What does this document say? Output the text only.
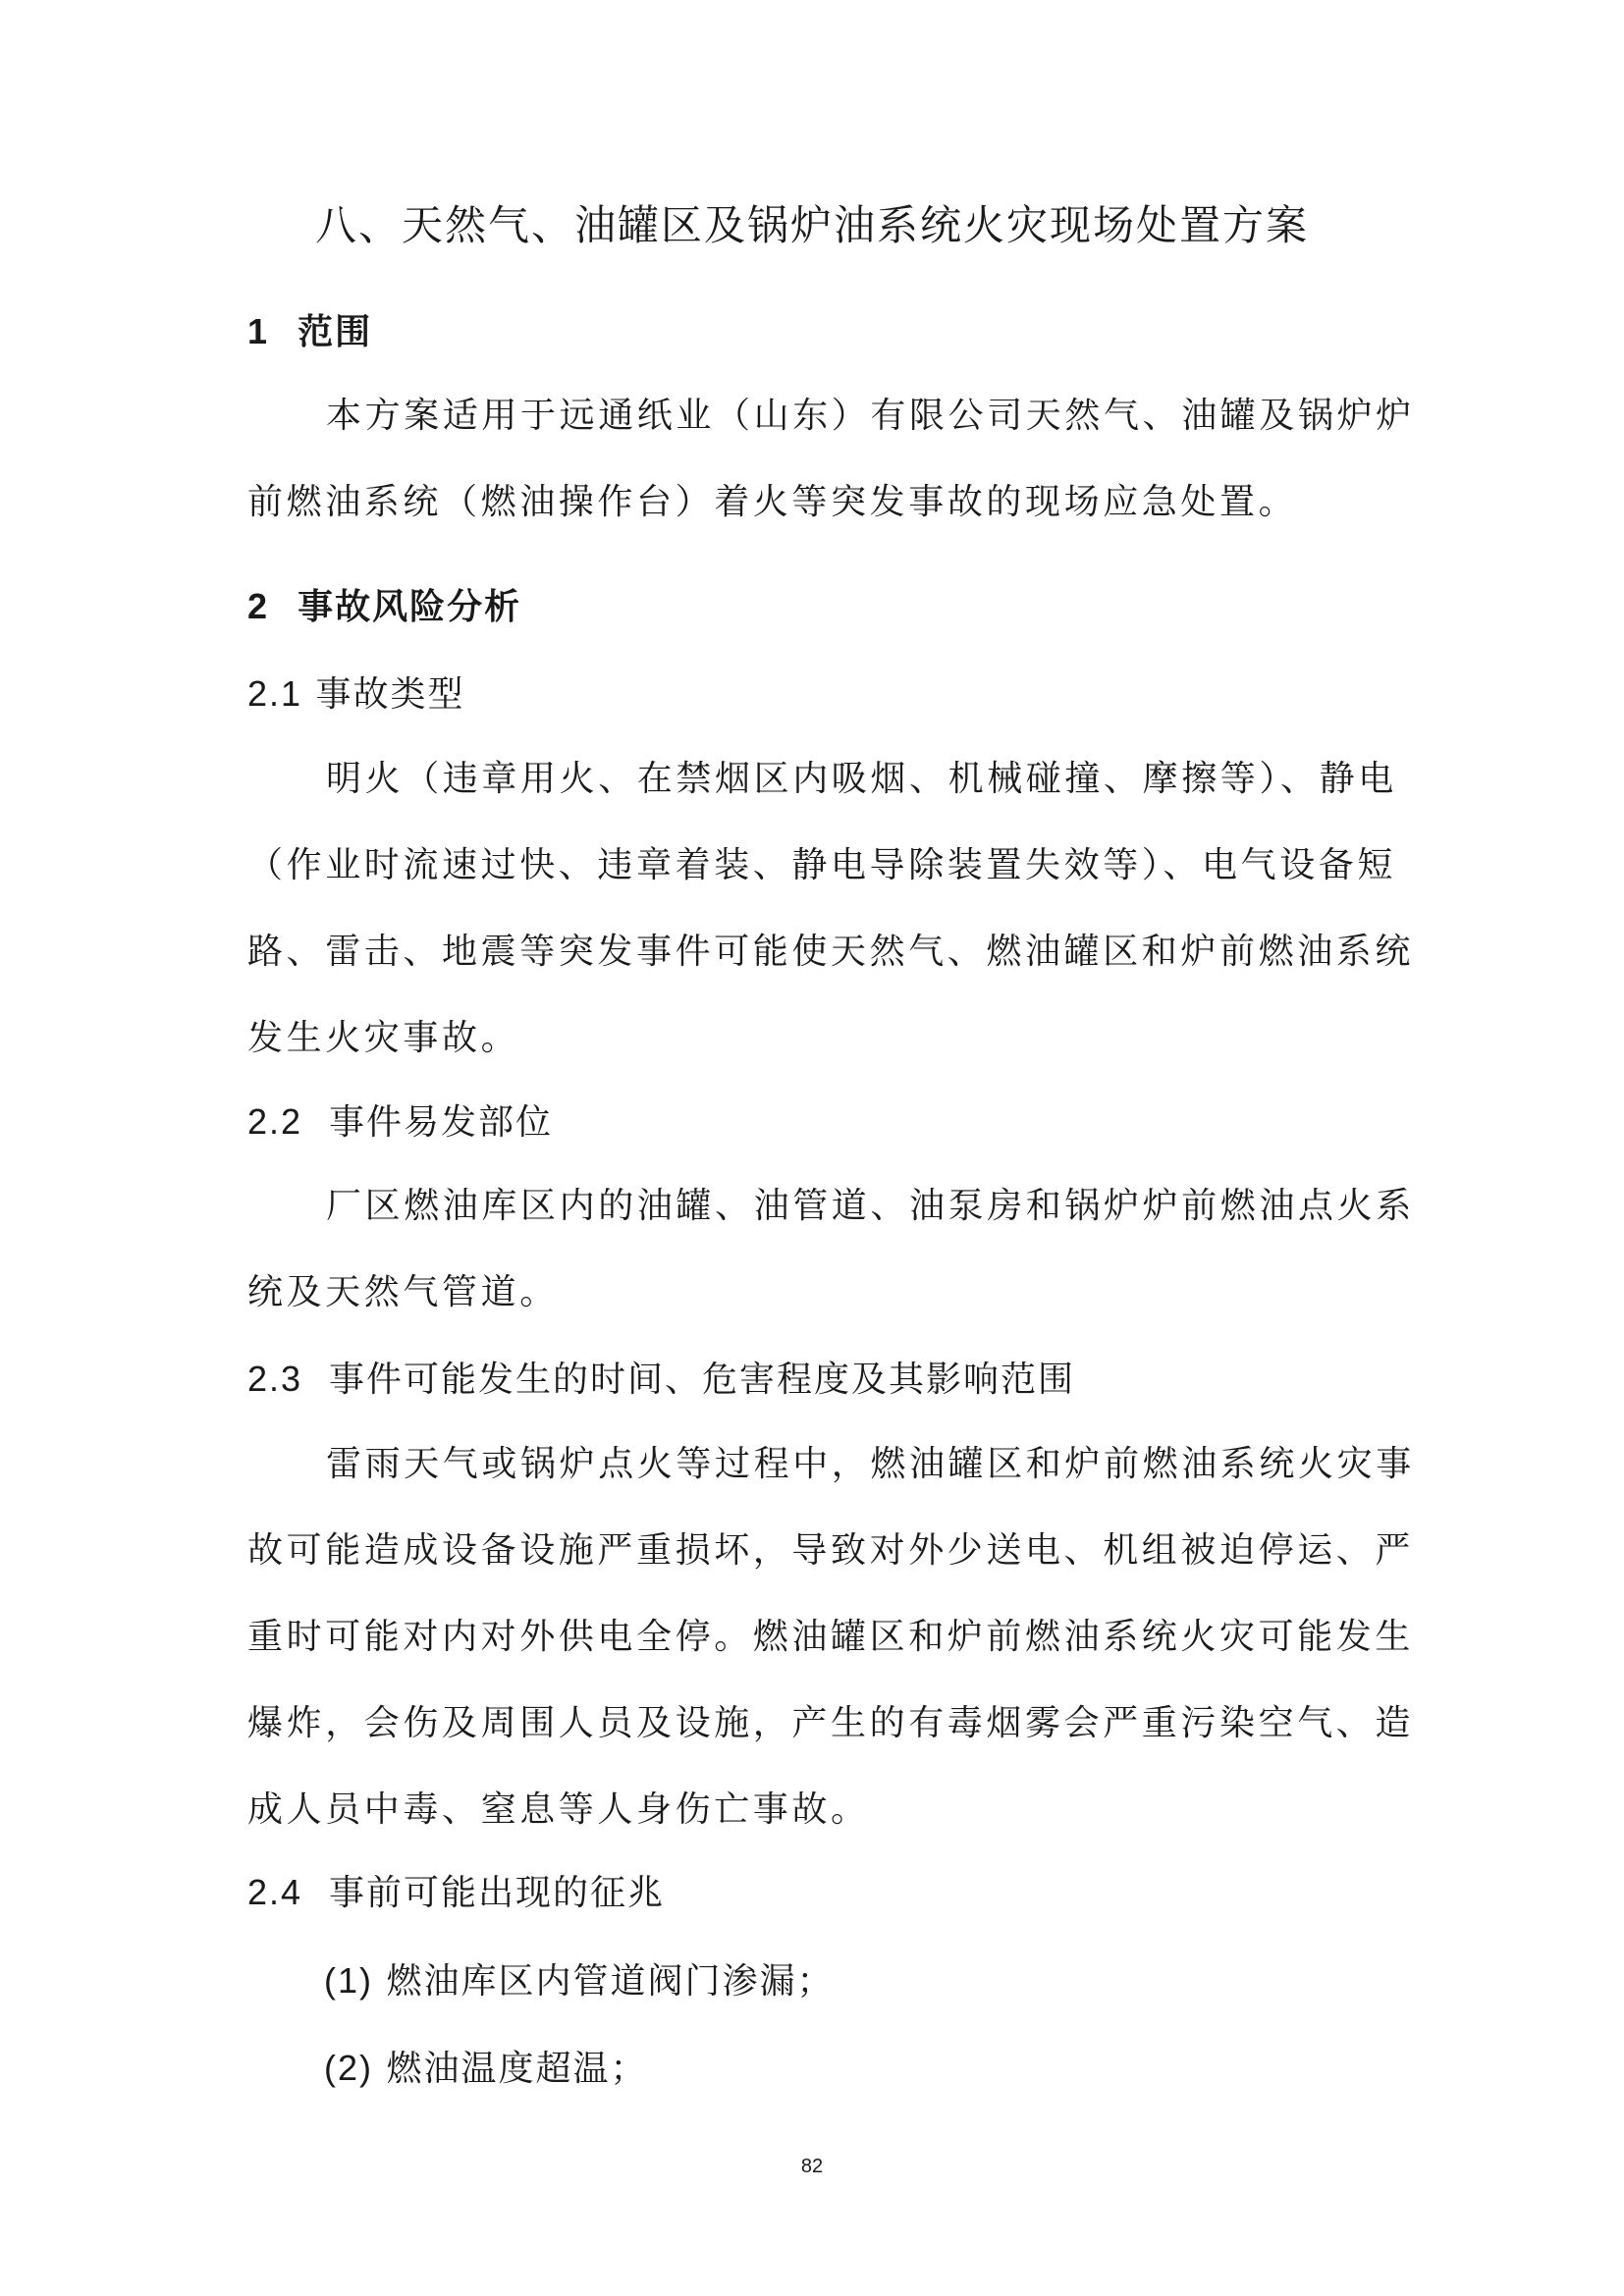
八、天然气、油罐区及锅炉油系统火灾现场处置方案
1 范围
本方案适用于远通纸业（山东）有限公司天然气、油罐及锅炉炉
前燃油系统（燃油操作台）着火等突发事故的现场应急处置。
2 事故风险分析
2.1 事故类型
明火（违章用火、在禁烟区内吸烟、机械碰撞、摩擦等）、静电
（作业时流速过快、违章着装、静电导除装置失效等）、电气设备短
路、雷击、地震等突发事件可能使天然气、燃油罐区和炉前燃油系统
发生火灾事故。
2.2 事件易发部位
厂区燃油库区内的油罐、油管道、油泵房和锅炉炉前燃油点火系
统及天然气管道。
2.3 事件可能发生的时间、危害程度及其影响范围
雷雨天气或锅炉点火等过程中，燃油罐区和炉前燃油系统火灾事
故可能造成设备设施严重损坏，导致对外少送电、机组被迫停运、严
重时可能对内对外供电全停。燃油罐区和炉前燃油系统火灾可能发生
爆炸，会伤及周围人员及设施，产生的有毒烟雾会严重污染空气、造
成人员中毒、窒息等人身伤亡事故。
2.4 事前可能出现的征兆
(1) 燃油库区内管道阀门渗漏；
(2) 燃油温度超温；
82
